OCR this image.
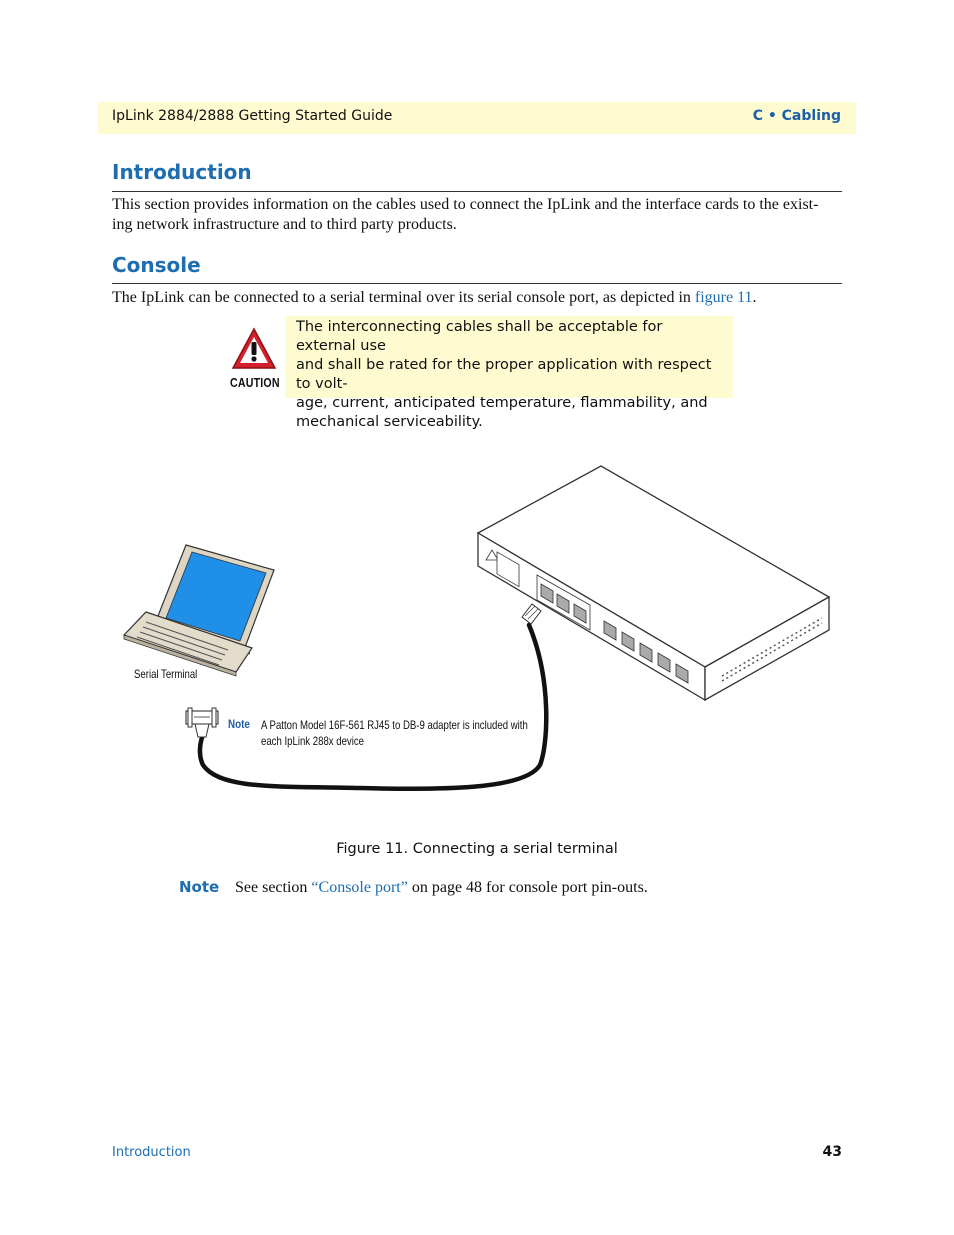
IpLink 2884/2888 Getting Started Guide	C • Cabling
Introduction
This section provides information on the cables used to connect the IpLink and the interface cards to the exist-
ing network infrastructure and to third party products.
Console
The IpLink can be connected to a serial terminal over its serial console port, as depicted in figure 11.
CAUTION
The interconnecting cables shall be acceptable for external use
and shall be rated for the proper application with respect to volt-
age, current, anticipated temperature, flammability, and
mechanical serviceability.
Serial Terminal
Note A Patton Model 16F-561 RJ45 to DB-9 adapter is included with
each IpLink 288x device
Figure 11. Connecting a serial terminal
Note See section “Console port” on page 48 for console port pin-outs.
Introduction	43
